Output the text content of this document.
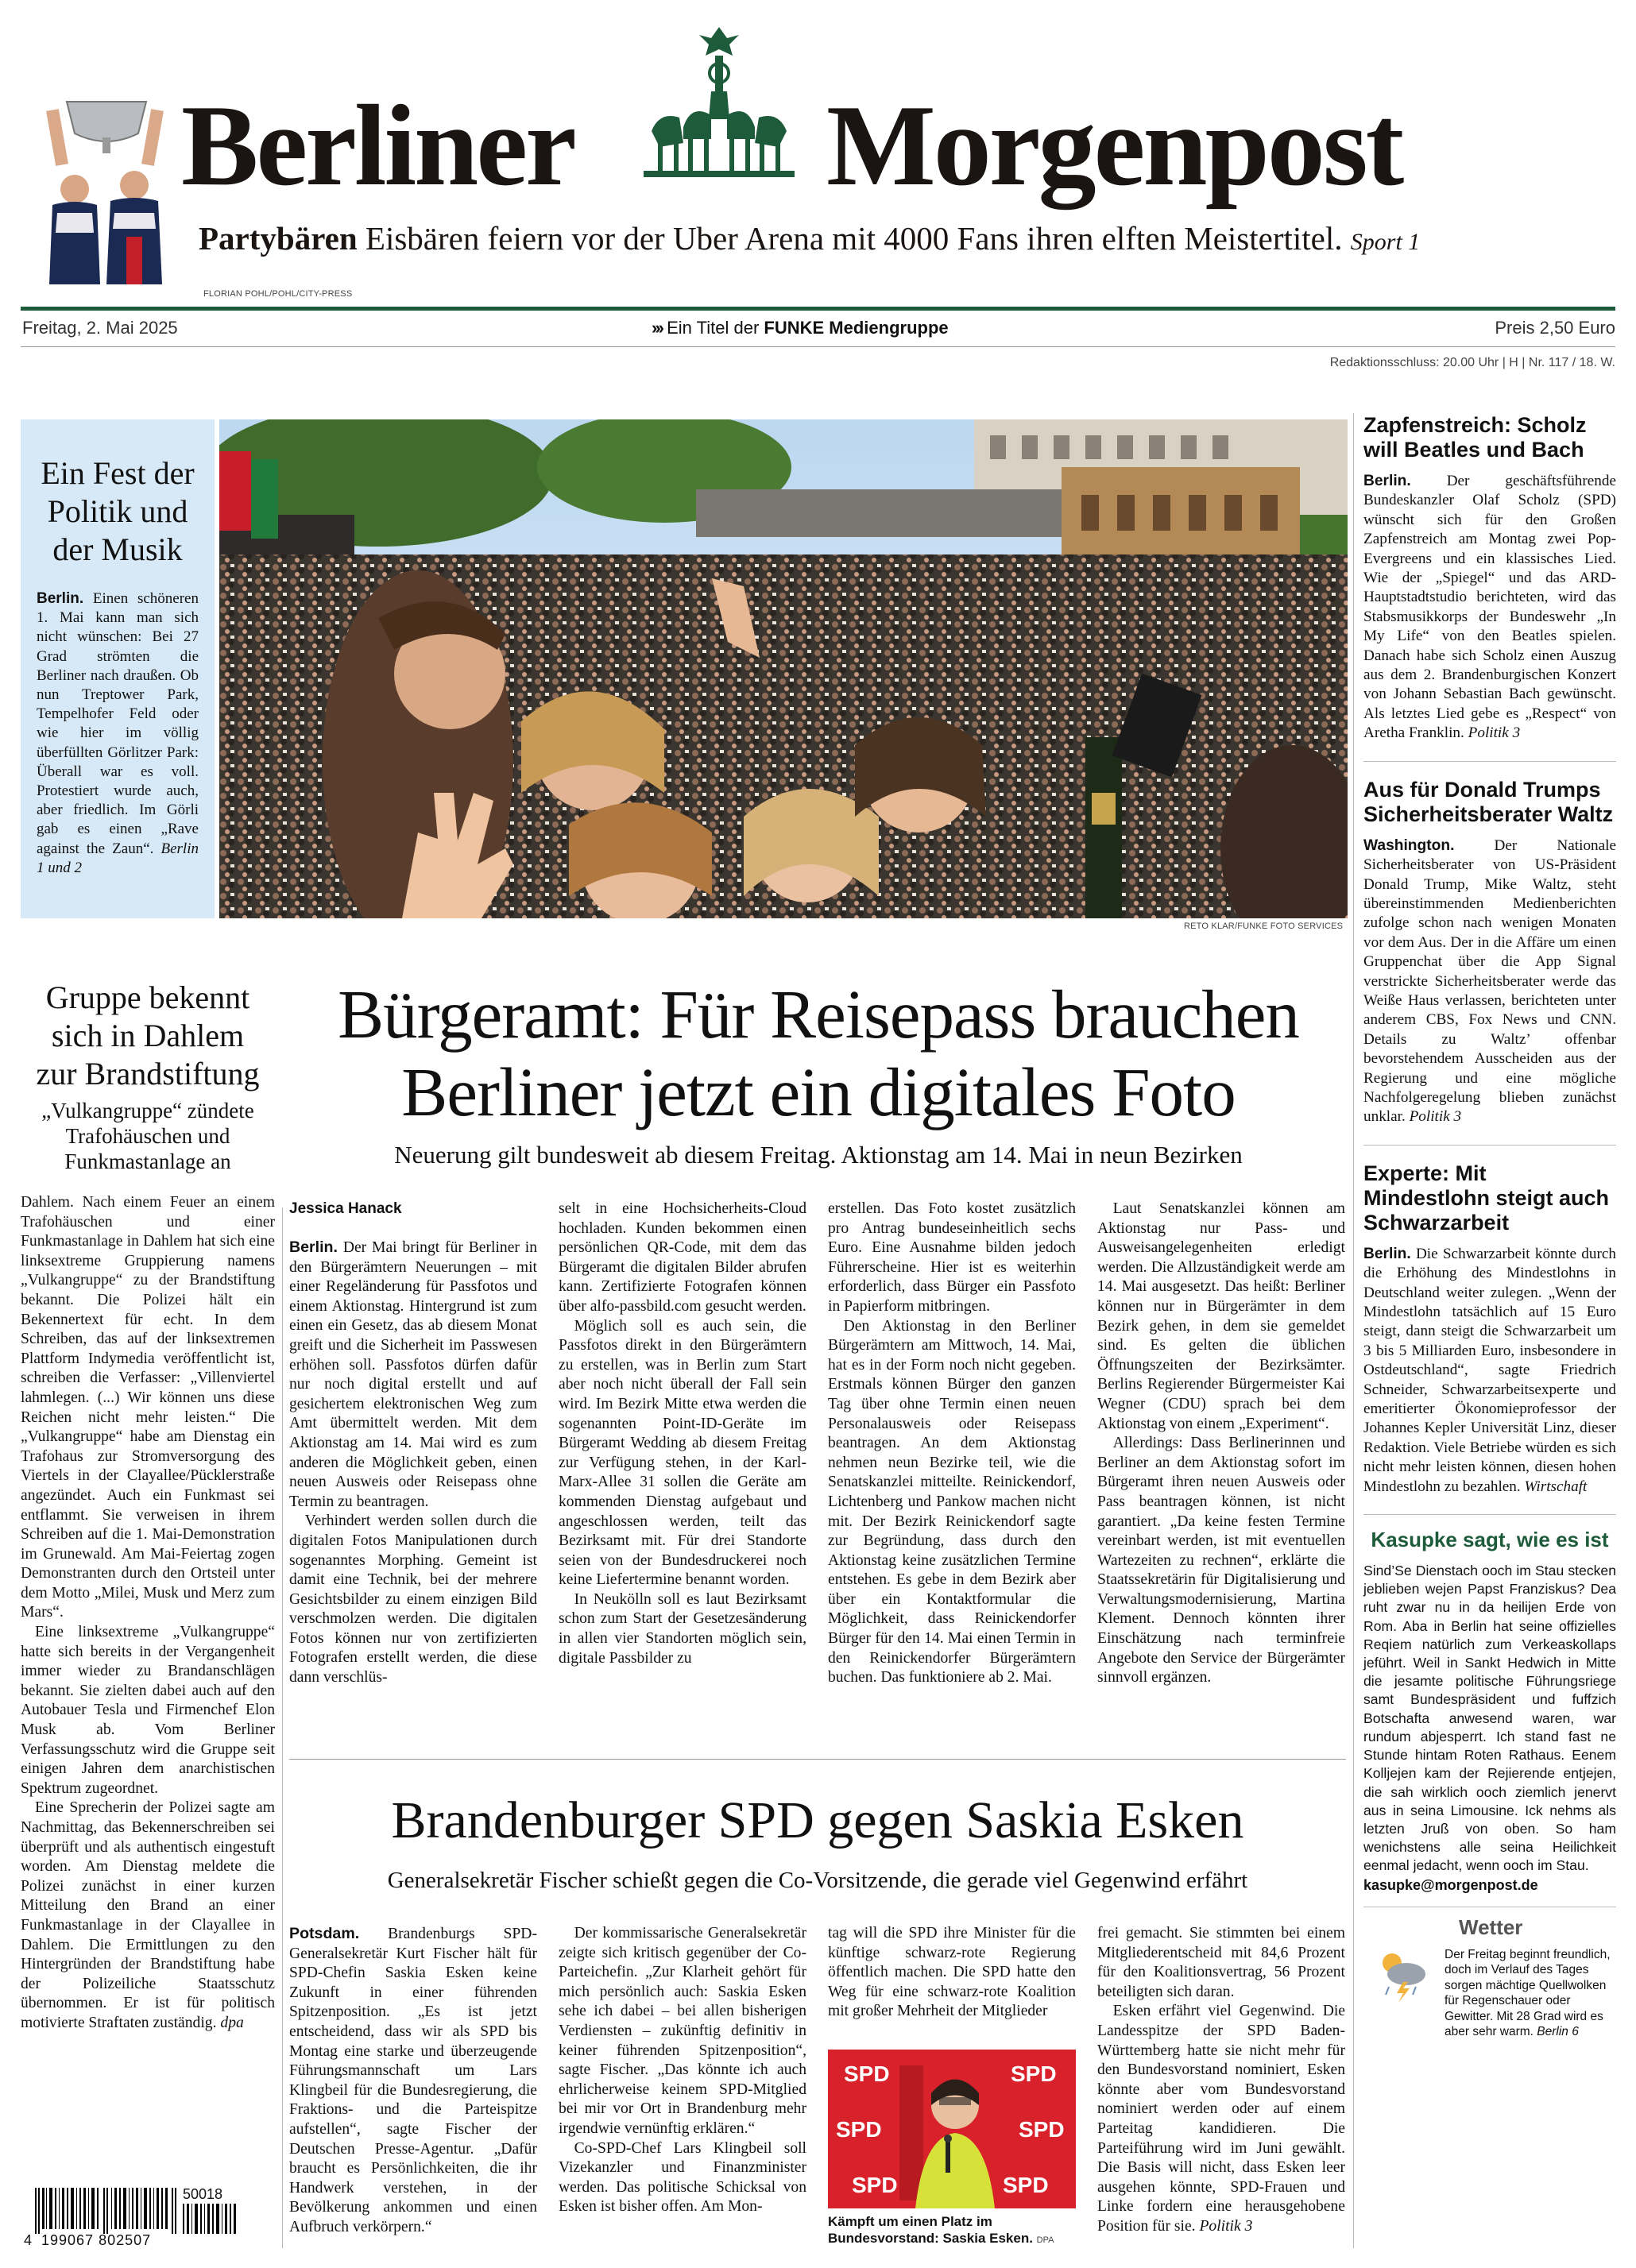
Berliner Morgenpost
Partybären Eisbären feiern vor der Uber Arena mit 4000 Fans ihren elften Meistertitel. Sport 1
FLORIAN POHL/POHL/CITY-PRESS
Freitag, 2. Mai 2025	››› Ein Titel der FUNKE Mediengruppe	Preis 2,50 Euro
Redaktionsschluss: 20.00 Uhr | H | Nr. 117 / 18. W.
Ein Fest der Politik und der Musik
Berlin. Einen schöneren 1. Mai kann man sich nicht wünschen: Bei 27 Grad strömten die Berliner nach draußen. Ob nun Treptower Park, Tempelhofer Feld oder wie hier im völlig überfüllten Görlitzer Park: Überall war es voll. Protestiert wurde auch, aber friedlich. Im Görli gab es einen „Rave against the Zaun“. Berlin 1 und 2
RETO KLAR/FUNKE FOTO SERVICES
Zapfenstreich: Scholz will Beatles und Bach
Berlin. Der geschäftsführende Bundeskanzler Olaf Scholz (SPD) wünscht sich für den Großen Zapfenstreich am Montag zwei Pop-Evergreens und ein klassisches Lied. Wie der „Spiegel“ und das ARD-Hauptstadtstudio berichteten, wird das Stabsmusikkorps der Bundeswehr „In My Life“ von den Beatles spielen. Danach habe sich Scholz einen Auszug aus dem 2. Brandenburgischen Konzert von Johann Sebastian Bach gewünscht. Als letztes Lied gebe es „Respect“ von Aretha Franklin. Politik 3
Aus für Donald Trumps Sicherheitsberater Waltz
Washington.	Der Nationale Sicherheitsberater von US-Präsident Donald Trump, Mike Waltz, steht übereinstimmenden Medienberichten zufolge schon nach wenigen Monaten vor dem Aus. Der in die Affäre um einen Gruppenchat über die App Signal verstrickte Sicherheitsberater werde das Weiße Haus verlassen, berichteten unter anderem CBS, Fox News und CNN. Details zu Waltz’ offenbar bevorstehendem Ausscheiden aus der Regierung und eine mögliche Nachfolgeregelung blieben zunächst unklar. Politik 3
Experte: Mit Mindestlohn steigt auch Schwarzarbeit
Berlin. Die Schwarzarbeit könnte durch die Erhöhung des Mindestlohns in Deutschland weiter zulegen. „Wenn der Mindestlohn tatsächlich auf 15 Euro steigt, dann steigt die Schwarzarbeit um 3 bis 5 Milliarden Euro, insbesondere in Ostdeutschland“, sagte Friedrich Schneider, Schwarzarbeitsexperte und emeritierter Ökonomieprofessor der Johannes Kepler Universität Linz, dieser Redaktion. Viele Betriebe würden es sich nicht mehr leisten können, diesen hohen Mindestlohn zu bezahlen. Wirtschaft
Kasupke sagt, wie es ist
Sind’Se Dienstach ooch im Stau stecken jeblieben wejen Papst Franziskus? Dea ruht zwar nu in da heilijen Erde von Rom. Aba in Berlin hat seine offizielles Reqiem natürlich zum Verkeaskollaps jeführt. Weil in Sankt Hedwich in Mitte die jesamte politische Führungsriege samt Bundespräsident und fuffzich Botschafta anwesend waren, war rundum abjesperrt. Ich stand fast ne Stunde hintam Roten Rathaus. Eenem Kolljejen kam der Rejierende entjejen, die sah wirklich ooch ziemlich jenervt aus in seina Limousine. Ick nehms als letzten Jruß von oben. So ham wenichstens alle seina Heilichkeit eenmal jedacht, wenn ooch im Stau.
kasupke@morgenpost.de
Wetter
Der Freitag beginnt freundlich, doch im Verlauf des Tages sorgen mächtige Quellwolken für Regenschauer oder Gewitter. Mit 28 Grad wird es aber sehr warm. Berlin 6
Gruppe bekennt sich in Dahlem zur Brandstiftung
„Vulkangruppe“ zündete Trafohäuschen und Funkmastanlage an

Dahlem. Nach einem Feuer an einem Trafohäuschen und einer Funkmastanlage in Dahlem hat sich eine linksextreme Gruppierung namens „Vulkangruppe“ zu der Brandstiftung bekannt. Die Polizei hält ein Bekennertext für echt. In dem Schreiben, das auf der linksextremen Plattform Indymedia veröffentlicht ist, schreiben die Verfasser: „Villenviertel lahmlegen. (...) Wir können uns diese Reichen nicht mehr leisten.“ Die „Vulkangruppe“ habe am Dienstag ein Trafohaus zur Stromversorgung des Viertels in der Clayallee/Pücklerstraße angezündet. Auch ein Funkmast sei entflammt. Sie verweisen in ihrem Schreiben auf die 1. Mai-Demonstration im Grunewald. Am Mai-Feiertag zogen Demonstranten durch den Ortsteil unter dem Motto „Milei, Musk und Merz zum Mars“.

Eine linksextreme „Vulkangruppe“ hatte sich bereits in der Vergangenheit immer wieder zu Brandanschlägen bekannt. Sie zielten dabei auch auf den Autobauer Tesla und Firmenchef Elon Musk ab. Vom Berliner Verfassungsschutz wird die Gruppe seit einigen Jahren dem anarchistischen Spektrum zugeordnet.

Eine Sprecherin der Polizei sagte am Nachmittag, das Bekennerschreiben sei überprüft und als authentisch eingestuft worden. Am Dienstag meldete die Polizei zunächst in einer kurzen Mitteilung den Brand an einer Funkmastanlage in der Clayallee in Dahlem. Die Ermittlungen zu den Hintergründen der Brandstiftung habe der Polizeiliche Staatsschutz übernommen. Er ist für politisch motivierte Straftaten zuständig. dpa

Bürgeramt: Für Reisepass brauchen
Berliner jetzt ein digitales Foto
Neuerung gilt bundesweit ab diesem Freitag. Aktionstag am 14. Mai in neun Bezirken
Jessica Hanack
Berlin. Der Mai bringt für Berliner in den Bürgerämtern Neuerungen – mit einer Regeländerung für Passfotos und einem Aktionstag. Hintergrund ist zum einen ein Gesetz, das ab diesem Monat greift und die Sicherheit im Passwesen erhöhen soll. Passfotos dürfen dafür nur noch digital erstellt und auf gesichertem elektronischen Weg zum Amt übermittelt werden. Mit dem Aktionstag am 14. Mai wird es zum anderen die Möglichkeit geben, einen neuen Ausweis oder Reisepass ohne Termin zu beantragen.
 Verhindert werden sollen durch die digitalen Fotos Manipulationen durch sogenanntes Morphing. Gemeint ist damit eine Technik, bei der mehrere Gesichtsbilder zu einem einzigen Bild verschmolzen werden. Die digitalen Fotos können nur von zertifizierten Fotografen erstellt werden, die diese dann verschlüs-
selt in eine Hochsicherheits-Cloud hochladen. Kunden bekommen einen persönlichen QR-Code, mit dem das Bürgeramt die digitalen Bilder abrufen kann. Zertifizierte Fotografen können über alfo-passbild.com gesucht werden.
 Möglich soll es auch sein, die Passfotos direkt in den Bürgerämtern zu erstellen, was in Berlin zum Start aber noch nicht überall der Fall sein wird. Im Bezirk Mitte etwa werden die sogenannten Point-ID-Geräte im Bürgeramt Wedding ab diesem Freitag zur Verfügung stehen, in der Karl-Marx-Allee 31 sollen die Geräte am kommenden Dienstag aufgebaut und angeschlossen werden, teilt das Bezirksamt mit. Für drei Standorte seien von der Bundesdruckerei noch keine Liefertermine benannt worden.
 In Neukölln soll es laut Bezirksamt schon zum Start der Gesetzesänderung in allen vier Standorten möglich sein, digitale Passbilder zu
erstellen. Das Foto kostet zusätzlich pro Antrag bundeseinheitlich sechs Euro. Eine Ausnahme bilden jedoch Führerscheine. Hier ist es weiterhin erforderlich, dass Bürger ein Passfoto in Papierform mitbringen.
 Den Aktionstag in den Berliner Bürgerämtern am Mittwoch, 14. Mai, hat es in der Form noch nicht gegeben. Erstmals können Bürger den ganzen Tag über ohne Termin einen neuen Personalausweis oder Reisepass beantragen. An dem Aktionstag nehmen neun Bezirke teil, wie die Senatskanzlei mitteilte. Reinickendorf, Lichtenberg und Pankow machen nicht mit. Der Bezirk Reinickendorf sagte zur Begründung, dass durch den Aktionstag keine zusätzlichen Termine entstehen. Es gebe in dem Bezirk aber über ein Kontaktformular die Möglichkeit, dass Reinickendorfer Bürger für den 14. Mai einen Termin in den Reinickendorfer Bürgerämtern buchen. Das funktioniere ab 2. Mai.
 Laut Senatskanzlei können am Aktionstag nur Pass- und Ausweisangelegenheiten erledigt werden. Die Allzuständigkeit werde am 14. Mai ausgesetzt. Das heißt: Berliner können nur in Bürgerämter in dem Bezirk gehen, in dem sie gemeldet sind. Es gelten die üblichen Öffnungszeiten der Bezirksämter. Berlins Regierender Bürgermeister Kai Wegner (CDU) sprach bei dem Aktionstag von einem „Experiment“.
 Allerdings: Dass Berlinerinnen und Berliner an dem Aktionstag sofort im Bürgeramt ihren neuen Ausweis oder Pass beantragen können, ist nicht garantiert. „Da keine festen Termine vereinbart werden, ist mit eventuellen Wartezeiten zu rechnen“, erklärte die Staatssekretärin für Digitalisierung und Verwaltungsmodernisierung, Martina Klement. Dennoch könnten ihrer Einschätzung nach terminfreie Angebote den Service der Bürgerämter sinnvoll ergänzen.
Brandenburger SPD gegen Saskia Esken
Generalsekretär Fischer schießt gegen die Co-Vorsitzende, die gerade viel Gegenwind erfährt
Potsdam. Brandenburgs SPD-Generalsekretär Kurt Fischer hält für SPD-Chefin Saskia Esken keine Zukunft in einer führenden Spitzenposition. „Es ist jetzt entscheidend, dass wir als SPD bis Montag eine starke und überzeugende Führungsmannschaft um Lars Klingbeil für die Bundesregierung, die Fraktions- und die Parteispitze aufstellen“, sagte Fischer der Deutschen Presse-Agentur. „Dafür braucht es Persönlichkeiten, die ihr Handwerk verstehen, in der Bevölkerung ankommen und einen Aufbruch verkörpern.“
 Der kommissarische Generalsekretär zeigte sich kritisch gegenüber der Co-Parteichefin. „Zur Klarheit gehört für mich persönlich auch: Saskia Esken sehe ich dabei – bei allen bisherigen Verdiensten – zukünftig definitiv in keiner führenden Spitzenposition“, sagte Fischer. „Das könnte ich auch ehrlicherweise keinem SPD-Mitglied bei mir vor Ort in Brandenburg mehr irgendwie vernünftig erklären.“
 Co-SPD-Chef Lars Klingbeil soll Vizekanzler und Finanzminister werden. Das politische Schicksal von Esken ist bisher offen. Am Mon-
tag will die SPD ihre Minister für die künftige schwarz-rote Regierung öffentlich machen. Die SPD hatte den Weg für eine schwarz-rote Koalition mit großer Mehrheit der Mitglieder
SPD	SPD
SPD	SPD
SPD	SPD
Kämpft um einen Platz im Bundesvorstand: Saskia Esken. DPA
frei gemacht. Sie stimmten bei einem Mitgliederentscheid mit 84,6 Prozent für den Koalitionsvertrag, 56 Prozent beteiligten sich daran.
 Esken erfährt viel Gegenwind. Die Landesspitze der SPD Baden-Württemberg hatte sie nicht mehr für den Bundesvorstand nominiert, Esken könnte aber vom Bundesvorstand nominiert werden oder auf einem Parteitag kandidieren. Die Parteiführung wird im Juni gewählt. Die Basis will nicht, dass Esken leer ausgehen könnte, SPD-Frauen und Linke fordern eine herausgehobene Position für sie. Politik 3
50018
4 199067 802507
